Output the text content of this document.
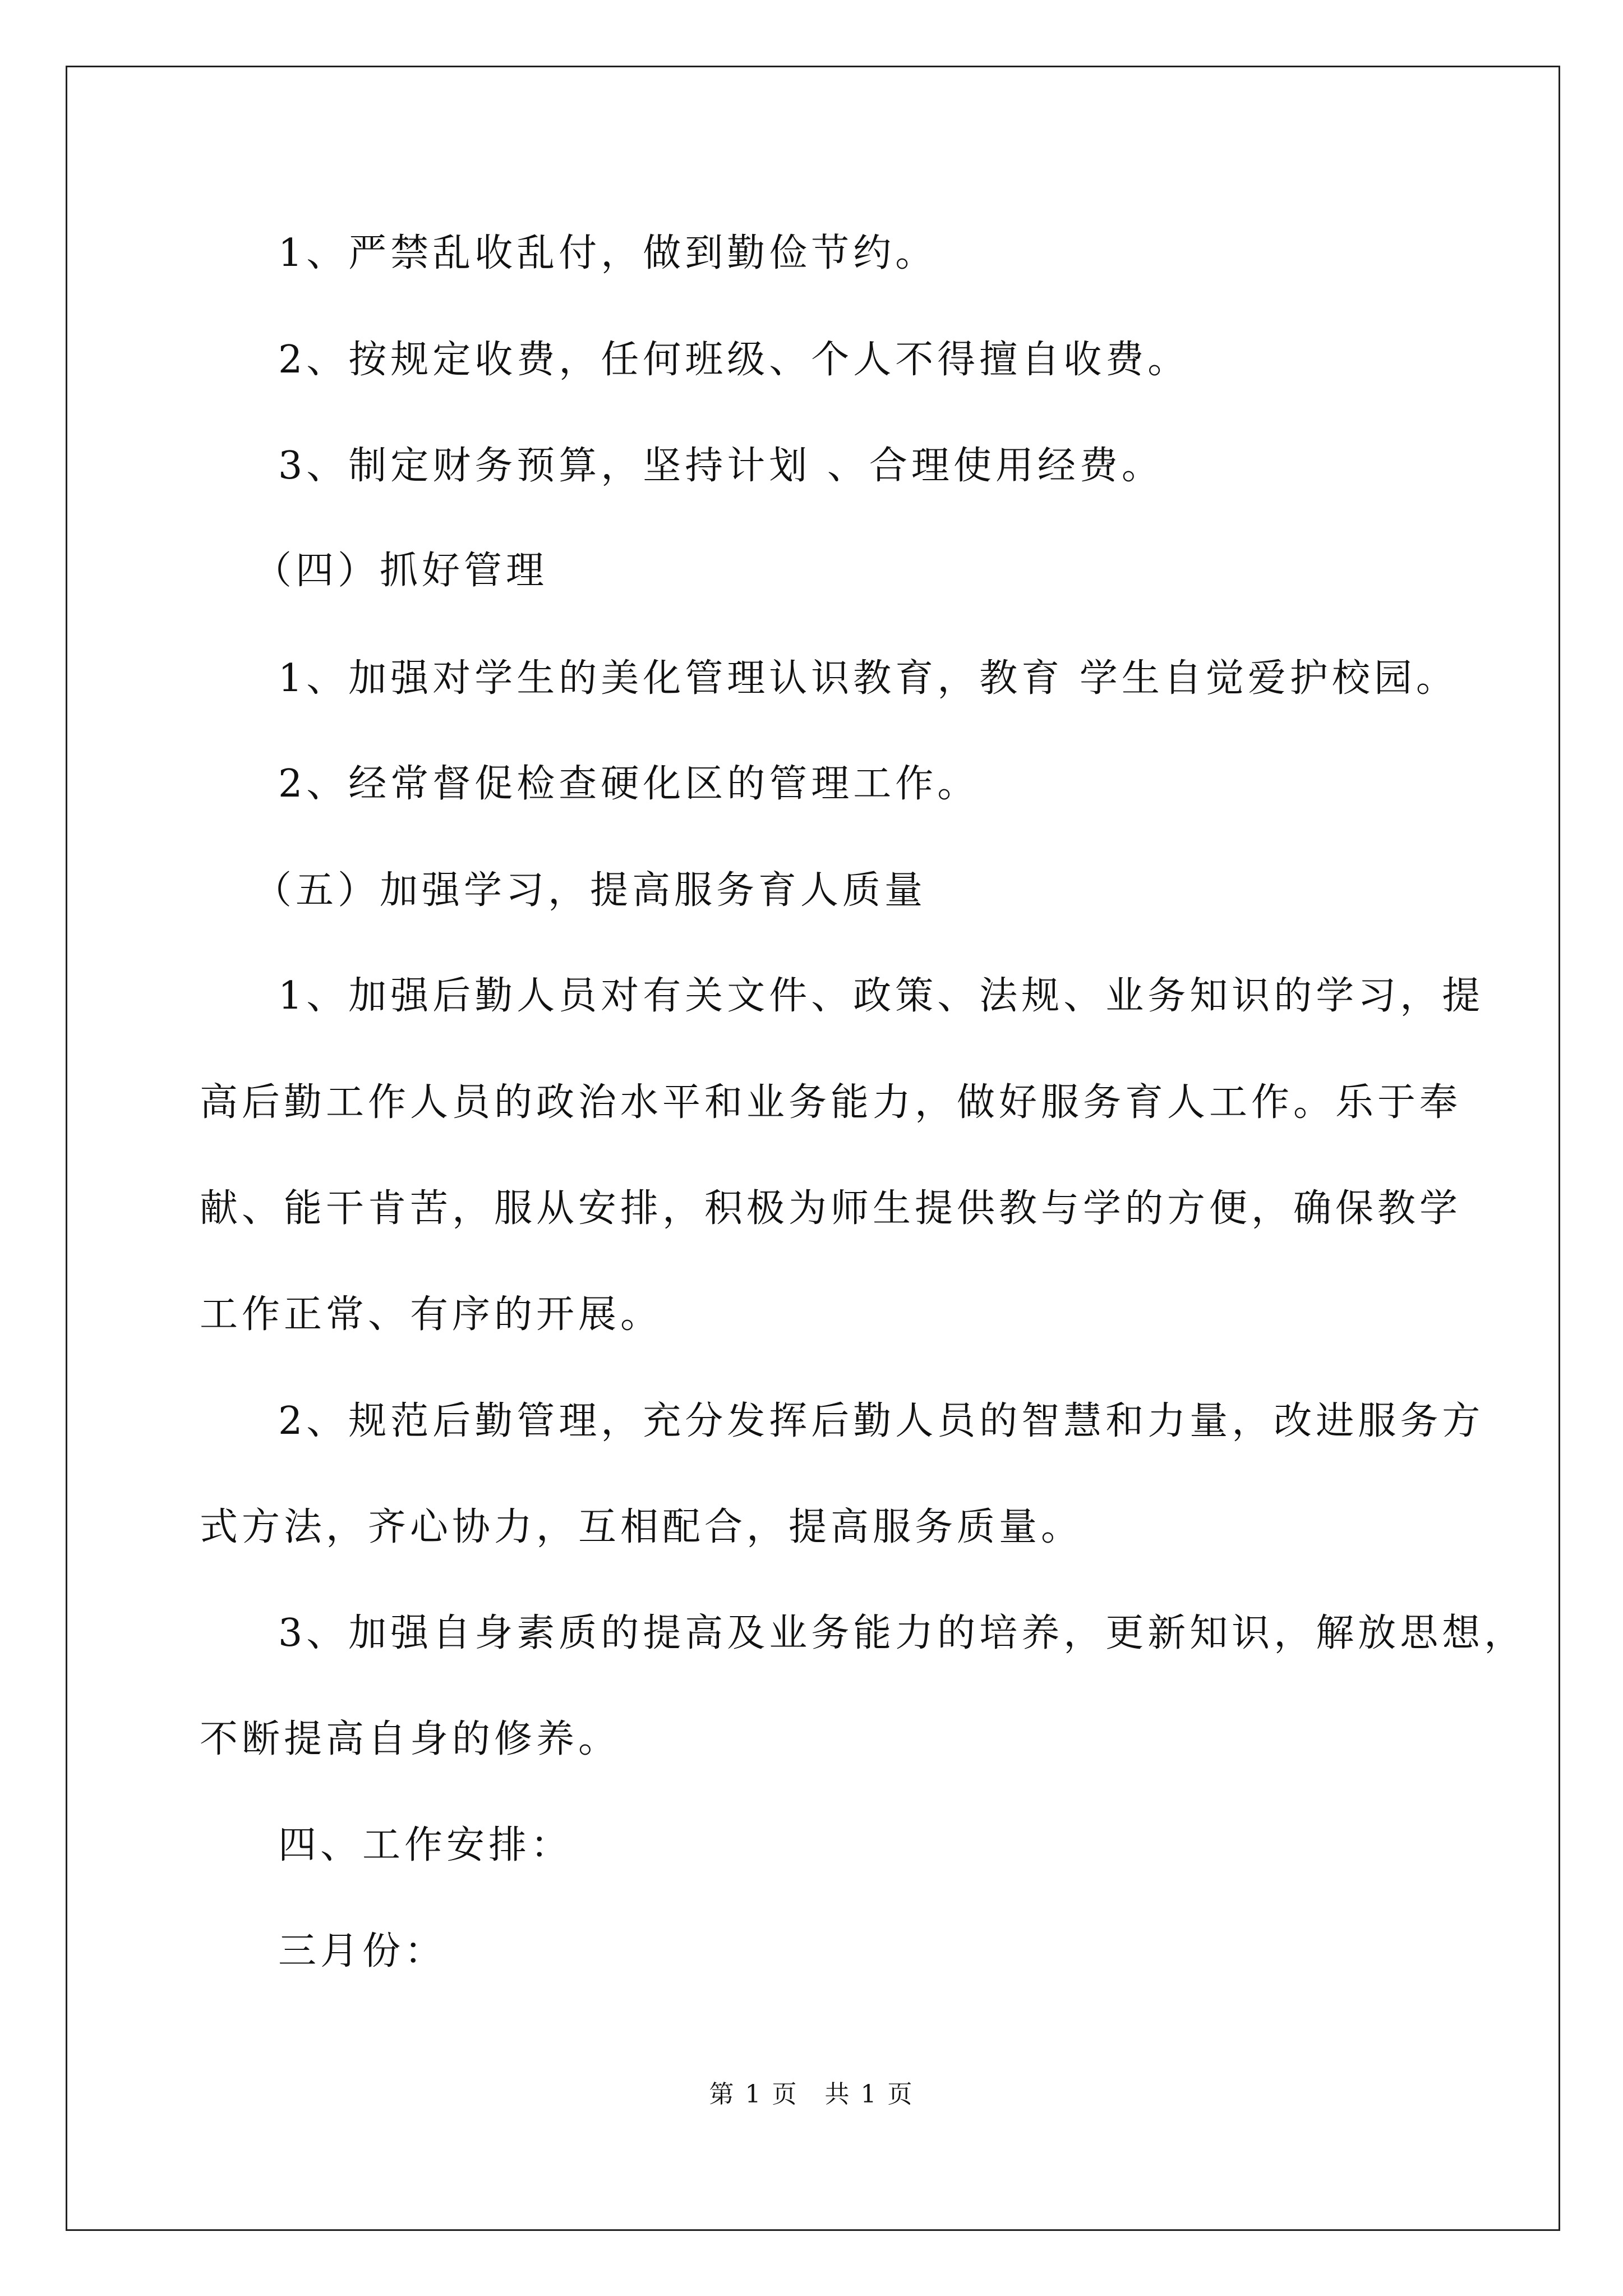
1、严禁乱收乱付，做到勤俭节约。
2、按规定收费，任何班级、个人不得擅自收费。
3、制定财务预算，坚持计划 、合理使用经费。
（四）抓好管理
1、加强对学生的美化管理认识教育，教育 学生自觉爱护校园。
2、经常督促检查硬化区的管理工作。
（五）加强学习，提高服务育人质量
1、加强后勤人员对有关文件、政策、法规、业务知识的学习，提
高后勤工作人员的政治水平和业务能力，做好服务育人工作。乐于奉
献、能干肯苦，服从安排，积极为师生提供教与学的方便，确保教学
工作正常、有序的开展。
2、规范后勤管理，充分发挥后勤人员的智慧和力量，改进服务方
式方法，齐心协力，互相配合，提高服务质量。
3、加强自身素质的提高及业务能力的培养，更新知识，解放思想，
不断提高自身的修养。
四、工作安排：
三月份：
第 1 页　共 1 页
